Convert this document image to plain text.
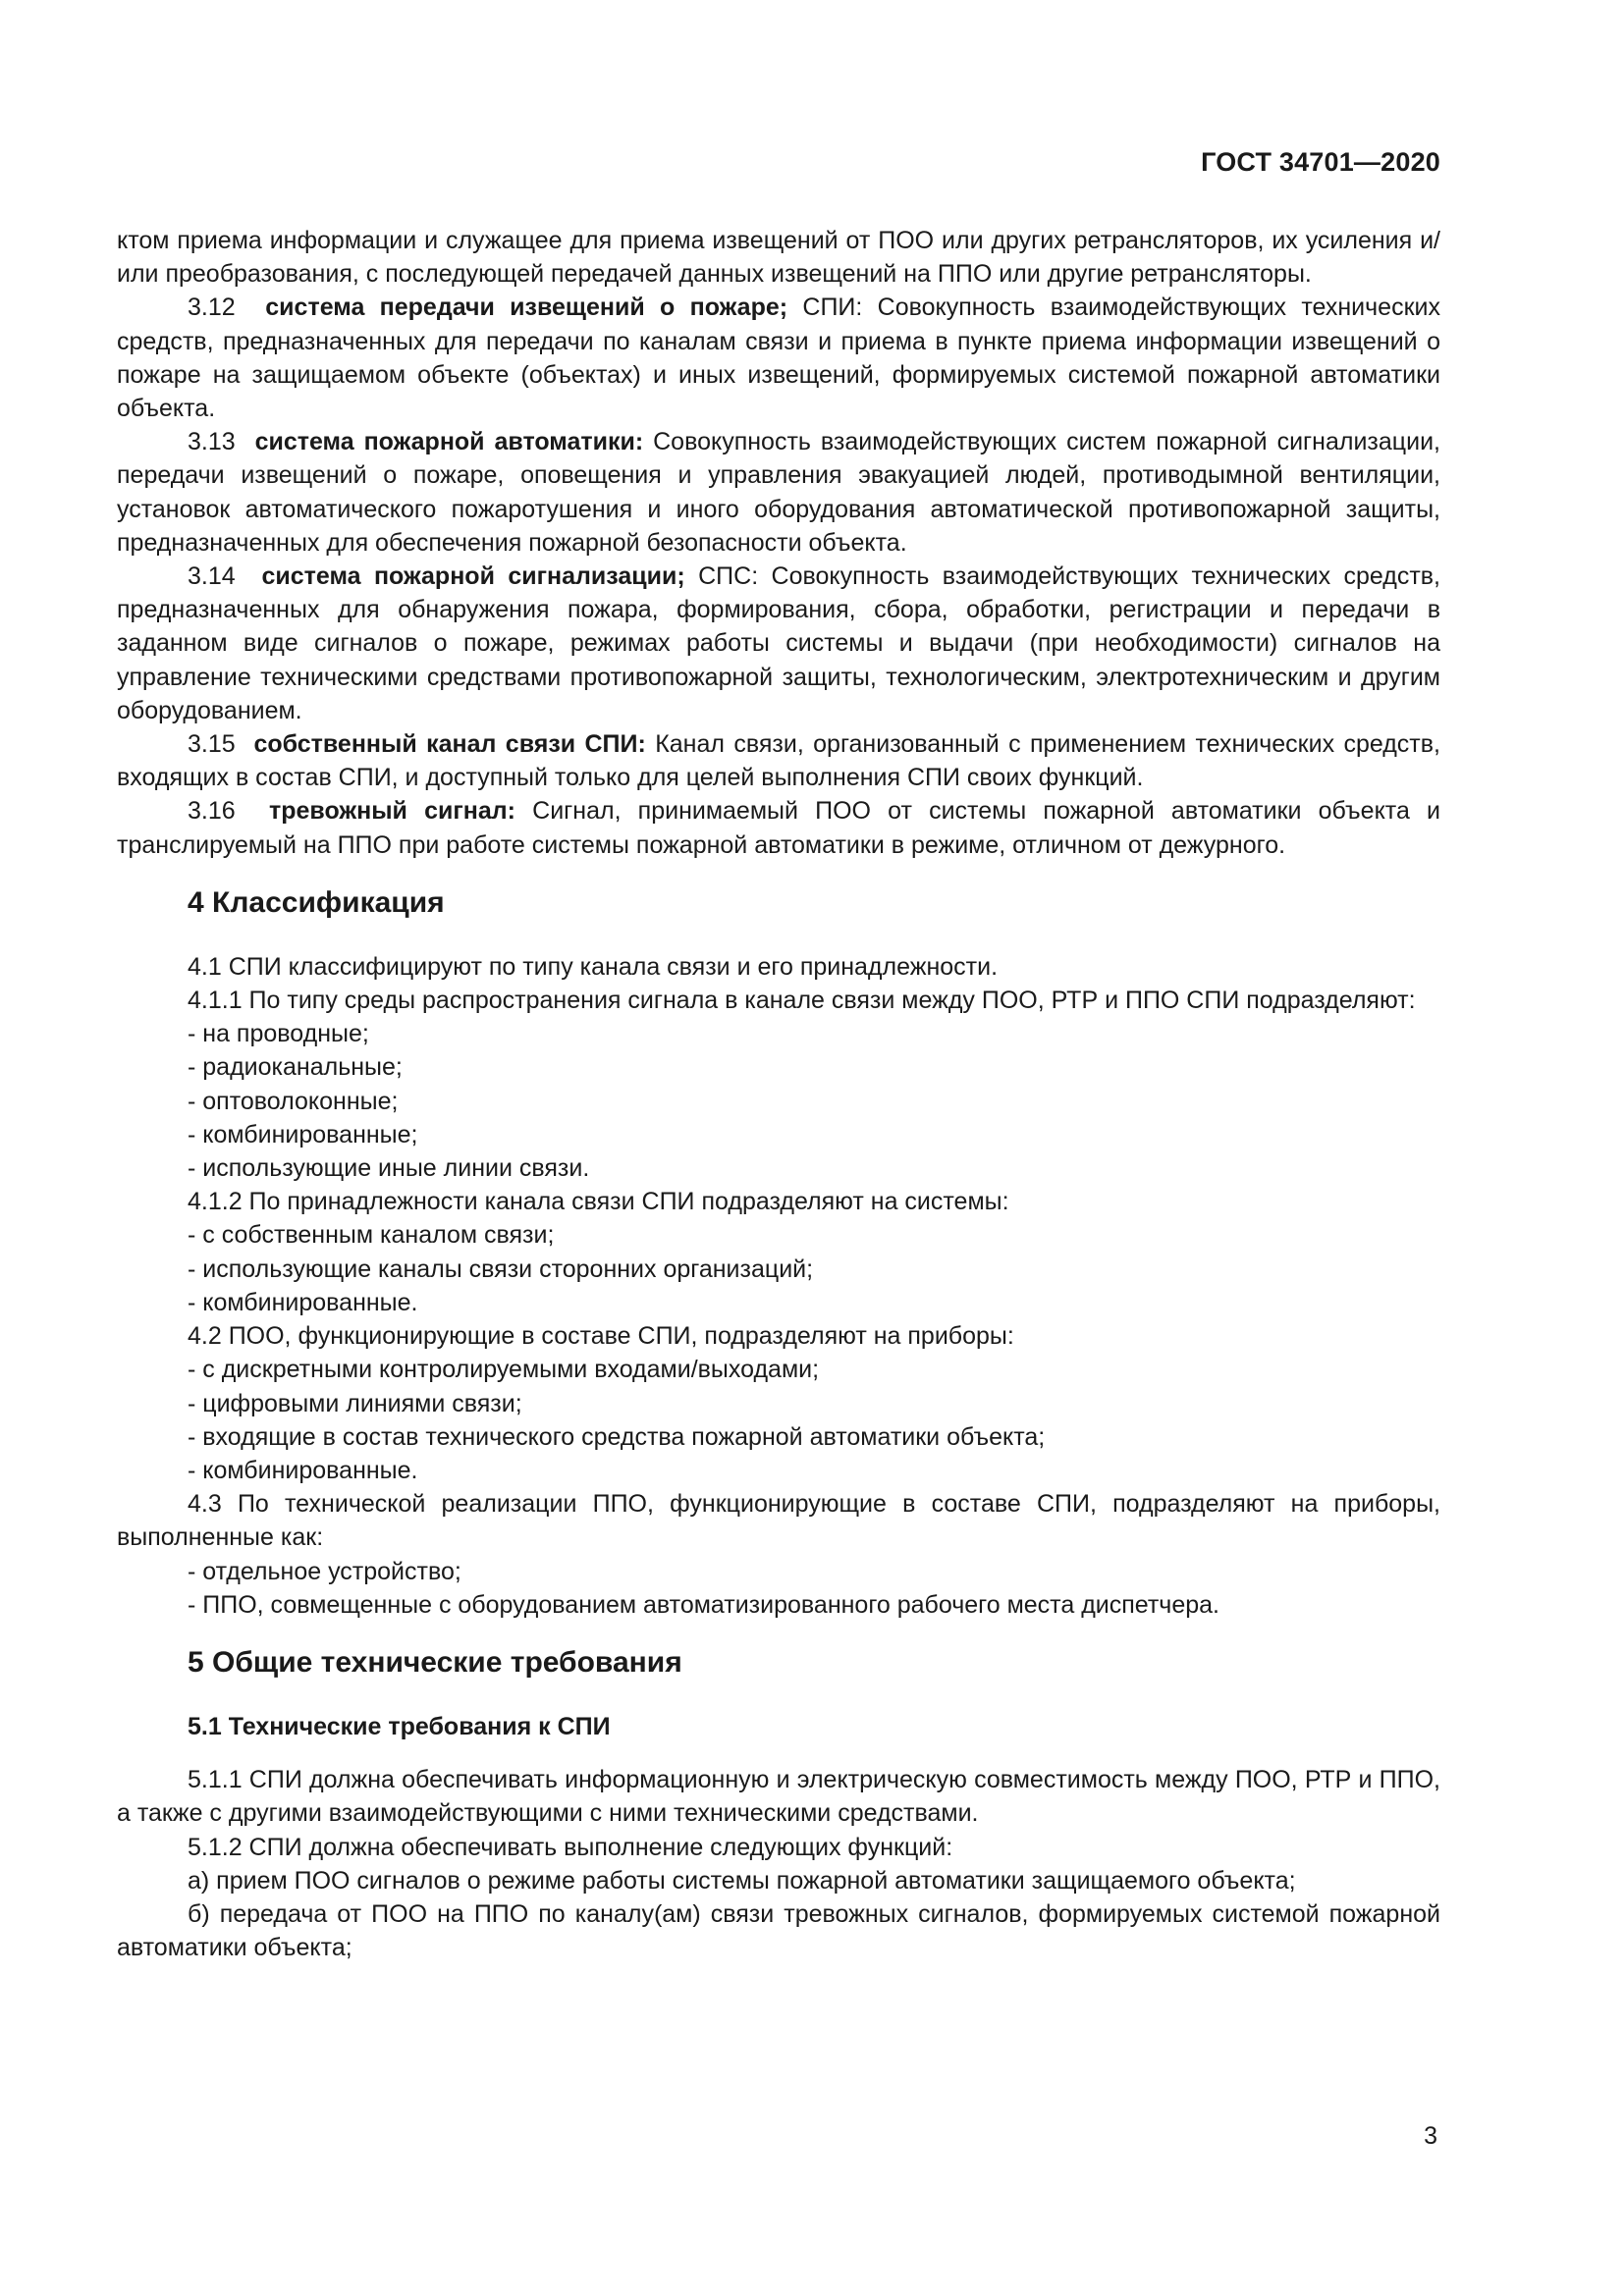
ГОСТ 34701—2020

ктом приема информации и служащее для приема извещений от ПОО или других ретрансляторов, их усиления и/или преобразования, с последующей передачей данных извещений на ППО или другие ретрансляторы.

3.12 система передачи извещений о пожаре; СПИ: Совокупность взаимодействующих технических средств, предназначенных для передачи по каналам связи и приема в пункте приема информации извещений о пожаре на защищаемом объекте (объектах) и иных извещений, формируемых системой пожарной автоматики объекта.

3.13 система пожарной автоматики: Совокупность взаимодействующих систем пожарной сигнализации, передачи извещений о пожаре, оповещения и управления эвакуацией людей, противодымной вентиляции, установок автоматического пожаротушения и иного оборудования автоматической противопожарной защиты, предназначенных для обеспечения пожарной безопасности объекта.

3.14 система пожарной сигнализации; СПС: Совокупность взаимодействующих технических средств, предназначенных для обнаружения пожара, формирования, сбора, обработки, регистрации и передачи в заданном виде сигналов о пожаре, режимах работы системы и выдачи (при необходимости) сигналов на управление техническими средствами противопожарной защиты, технологическим, электротехническим и другим оборудованием.

3.15 собственный канал связи СПИ: Канал связи, организованный с применением технических средств, входящих в состав СПИ, и доступный только для целей выполнения СПИ своих функций.

3.16 тревожный сигнал: Сигнал, принимаемый ПОО от системы пожарной автоматики объекта и транслируемый на ППО при работе системы пожарной автоматики в режиме, отличном от дежурного.

4 Классификация

4.1 СПИ классифицируют по типу канала связи и его принадлежности.

4.1.1 По типу среды распространения сигнала в канале связи между ПОО, РТР и ППО СПИ подразделяют:

- на проводные;

- радиоканальные;

- оптоволоконные;

- комбинированные;

- использующие иные линии связи.

4.1.2 По принадлежности канала связи СПИ подразделяют на системы:

- с собственным каналом связи;

- использующие каналы связи сторонних организаций;

- комбинированные.

4.2 ПОО, функционирующие в составе СПИ, подразделяют на приборы:

- с дискретными контролируемыми входами/выходами;

- цифровыми линиями связи;

- входящие в состав технического средства пожарной автоматики объекта;

- комбинированные.

4.3 По технической реализации ППО, функционирующие в составе СПИ, подразделяют на приборы, выполненные как:

- отдельное устройство;

- ППО, совмещенные с оборудованием автоматизированного рабочего места диспетчера.

5 Общие технические требования
5.1 Технические требования к СПИ

5.1.1 СПИ должна обеспечивать информационную и электрическую совместимость между ПОО, РТР и ППО, а также с другими взаимодействующими с ними техническими средствами.

5.1.2 СПИ должна обеспечивать выполнение следующих функций:

а) прием ПОО сигналов о режиме работы системы пожарной автоматики защищаемого объекта;

б) передача от ПОО на ППО по каналу(ам) связи тревожных сигналов, формируемых системой пожарной автоматики объекта;

3
